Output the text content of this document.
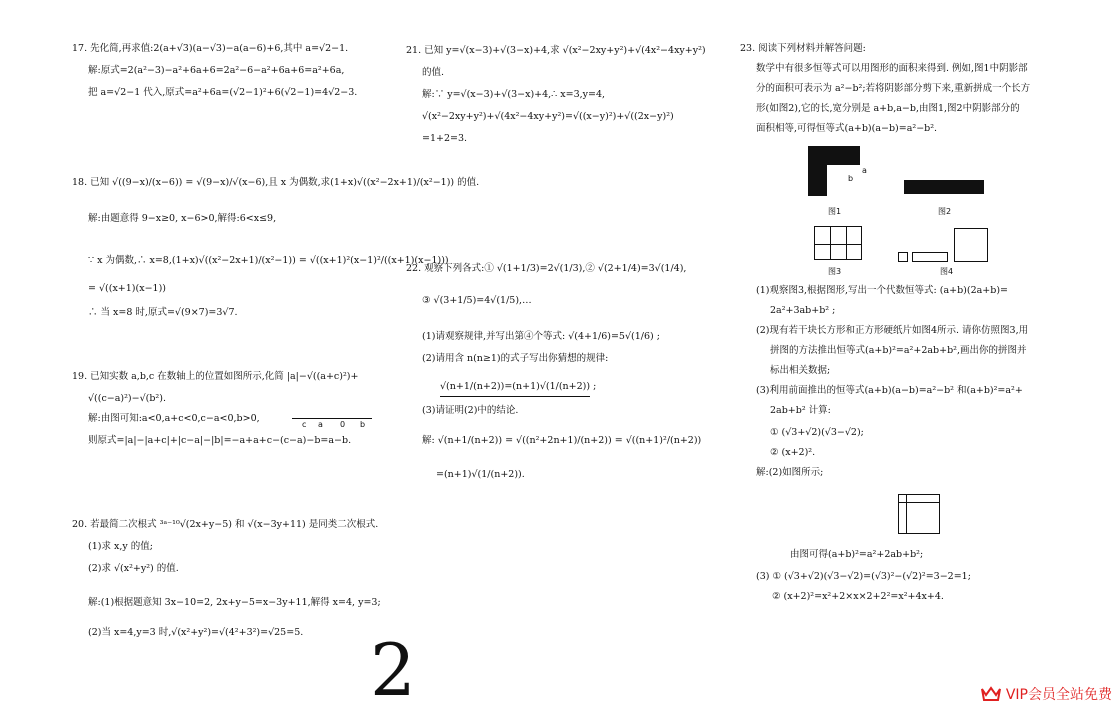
17. 先化简,再求值:2(a+√3)(a−√3)−a(a−6)+6,其中 a=√2−1.
解:原式=2(a²−3)−a²+6a+6=2a²−6−a²+6a+6=a²+6a,
把 a=√2−1 代入,原式=a²+6a=(√2−1)²+6(√2−1)=4√2−3.
18. 已知 √((9−x)/(x−6)) = √(9−x)/√(x−6),且 x 为偶数,求(1+x)√((x²−2x+1)/(x²−1)) 的值.
解:由题意得 9−x≥0, x−6>0,解得:6<x≤9,
∵ x 为偶数,∴ x=8,(1+x)√((x²−2x+1)/(x²−1)) = √((x+1)²(x−1)²/((x+1)(x−1)))
= √((x+1)(x−1))
∴ 当 x=8 时,原式=√(9×7)=3√7.
19. 已知实数 a,b,c 在数轴上的位置如图所示,化简 |a|−√((a+c)²)+
√((c−a)²)−√(b²).
解:由图可知:a<0,a+c<0,c−a<0,b>0,
则原式=|a|−|a+c|+|c−a|−|b|=−a+a+c−(c−a)−b=a−b.
c a 0 b
20. 若最简二次根式 ³ᵃ⁻¹⁰√(2x+y−5) 和 √(x−3y+11) 是同类二次根式.
(1)求 x,y 的值;
(2)求 √(x²+y²) 的值.
解:(1)根据题意知 3x−10=2, 2x+y−5=x−3y+11,解得 x=4, y=3;
(2)当 x=4,y=3 时,√(x²+y²)=√(4²+3²)=√25=5.
21. 已知 y=√(x−3)+√(3−x)+4,求 √(x²−2xy+y²)+√(4x²−4xy+y²)
的值.
解:∵ y=√(x−3)+√(3−x)+4,∴ x=3,y=4,
√(x²−2xy+y²)+√(4x²−4xy+y²)=√((x−y)²)+√((2x−y)²)
=1+2=3.
22. 观察下列各式:① √(1+1/3)=2√(1/3),② √(2+1/4)=3√(1/4),
③ √(3+1/5)=4√(1/5),…
(1)请观察规律,并写出第④个等式: √(4+1/6)=5√(1/6) ;
(2)请用含 n(n≥1)的式子写出你猜想的规律:
√(n+1/(n+2))=(n+1)√(1/(n+2)) ;
(3)请证明(2)中的结论.
解: √(n+1/(n+2)) = √((n²+2n+1)/(n+2)) = √((n+1)²/(n+2))
=(n+1)√(1/(n+2)).
2
23. 阅读下列材料并解答问题:
数学中有很多恒等式可以用图形的面积来得到. 例如,图1中阴影部
分的面积可表示为 a²−b²;若将阴影部分剪下来,重新拼成一个长方
形(如图2),它的长,宽分别是 a+b,a−b,由图1,图2中阴影部分的
面积相等,可得恒等式(a+b)(a−b)=a²−b².
图1
a
b
图2
图3	图4
(1)观察图3,根据图形,写出一个代数恒等式: (a+b)(2a+b)=
2a²+3ab+b² ;
(2)现有若干块长方形和正方形硬纸片如图4所示. 请你仿照图3,用
拼图的方法推出恒等式(a+b)²=a²+2ab+b²,画出你的拼图并
标出相关数据;
(3)利用前面推出的恒等式(a+b)(a−b)=a²−b² 和(a+b)²=a²+
2ab+b² 计算:
① (√3+√2)(√3−√2);
② (x+2)².
解:(2)如图所示;
由图可得(a+b)²=a²+2ab+b²;
(3) ① (√3+√2)(√3−√2)=(√3)²−(√2)²=3−2=1;
② (x+2)²=x²+2×x×2+2²=x²+4x+4.
VIP会员全站免费
